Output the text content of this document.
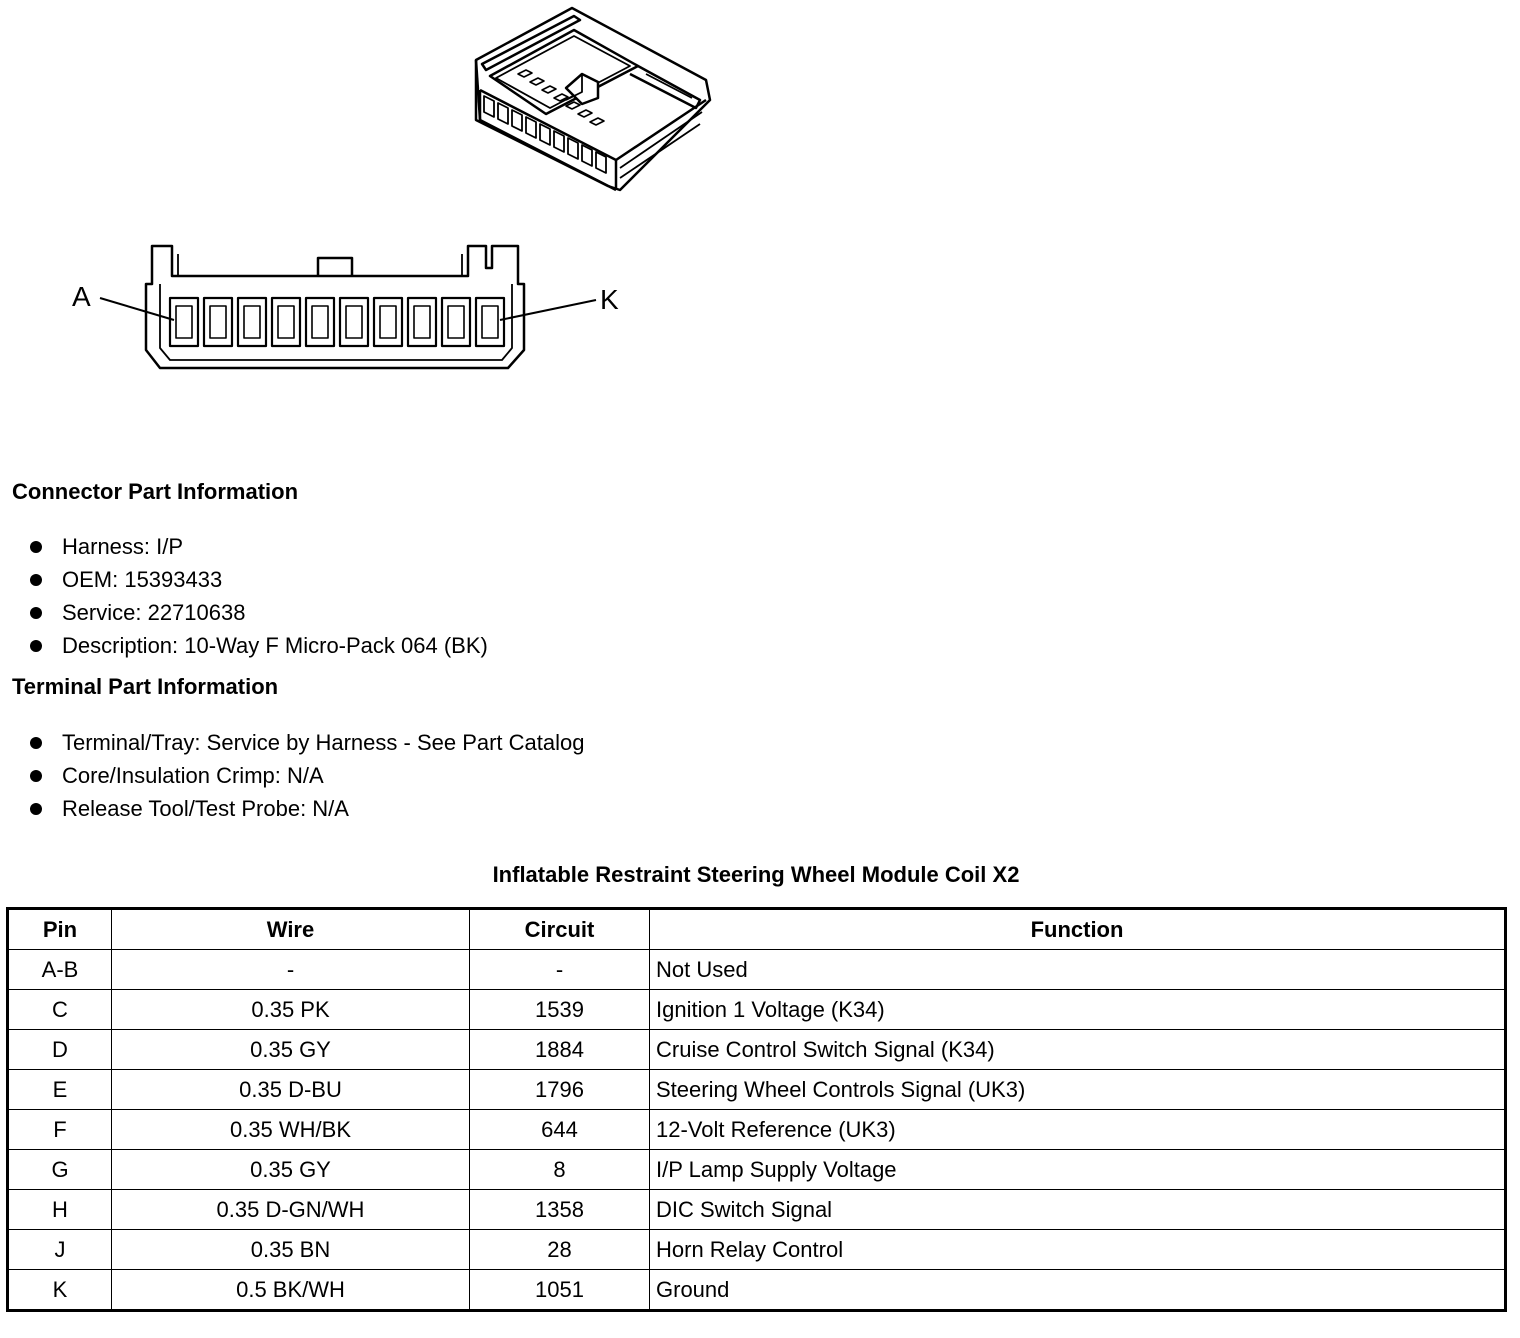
A	K
Connector Part Information
Harness: I/P
OEM: 15393433
Service: 22710638
Description: 10-Way F Micro-Pack 064 (BK)
Terminal Part Information
Terminal/Tray: Service by Harness - See Part Catalog
Core/Insulation Crimp: N/A
Release Tool/Test Probe: N/A
Inflatable Restraint Steering Wheel Module Coil X2
Pin	Wire	Circuit	Function
A-B	-	-	Not Used
C	0.35 PK	1539	Ignition 1 Voltage (K34)
D	0.35 GY	1884	Cruise Control Switch Signal (K34)
E	0.35 D-BU	1796	Steering Wheel Controls Signal (UK3)
F	0.35 WH/BK	644	12-Volt Reference (UK3)
G	0.35 GY	8	I/P Lamp Supply Voltage
H	0.35 D-GN/WH	1358	DIC Switch Signal
J	0.35 BN	28	Horn Relay Control
K	0.5 BK/WH	1051	Ground
